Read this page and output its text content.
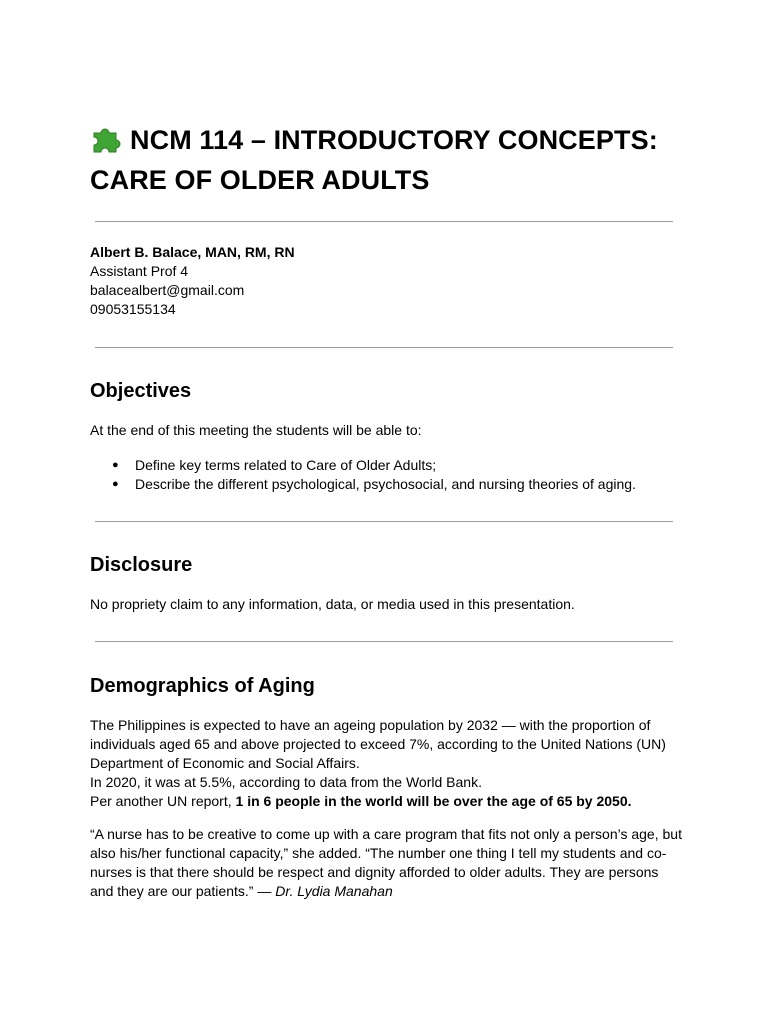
NCM 114 – INTRODUCTORY CONCEPTS: CARE OF OLDER ADULTS
Albert B. Balace, MAN, RM, RN
Assistant Prof 4
balacealbert@gmail.com
09053155134
Objectives

At the end of this meeting the students will be able to:

● Define key terms related to Care of Older Adults;
● Describe the different psychological, psychosocial, and nursing theories of aging.
Disclosure

No propriety claim to any information, data, or media used in this presentation.

Demographics of Aging

The Philippines is expected to have an ageing population by 2032 — with the proportion of individuals aged 65 and above projected to exceed 7%, according to the United Nations (UN) Department of Economic and Social Affairs.
In 2020, it was at 5.5%, according to data from the World Bank.
Per another UN report, 1 in 6 people in the world will be over the age of 65 by 2050.

“A nurse has to be creative to come up with a care program that fits not only a person’s age, but also his/her functional capacity,” she added. “The number one thing I tell my students and co-nurses is that there should be respect and dignity afforded to older adults. They are persons and they are our patients.” — Dr. Lydia Manahan
